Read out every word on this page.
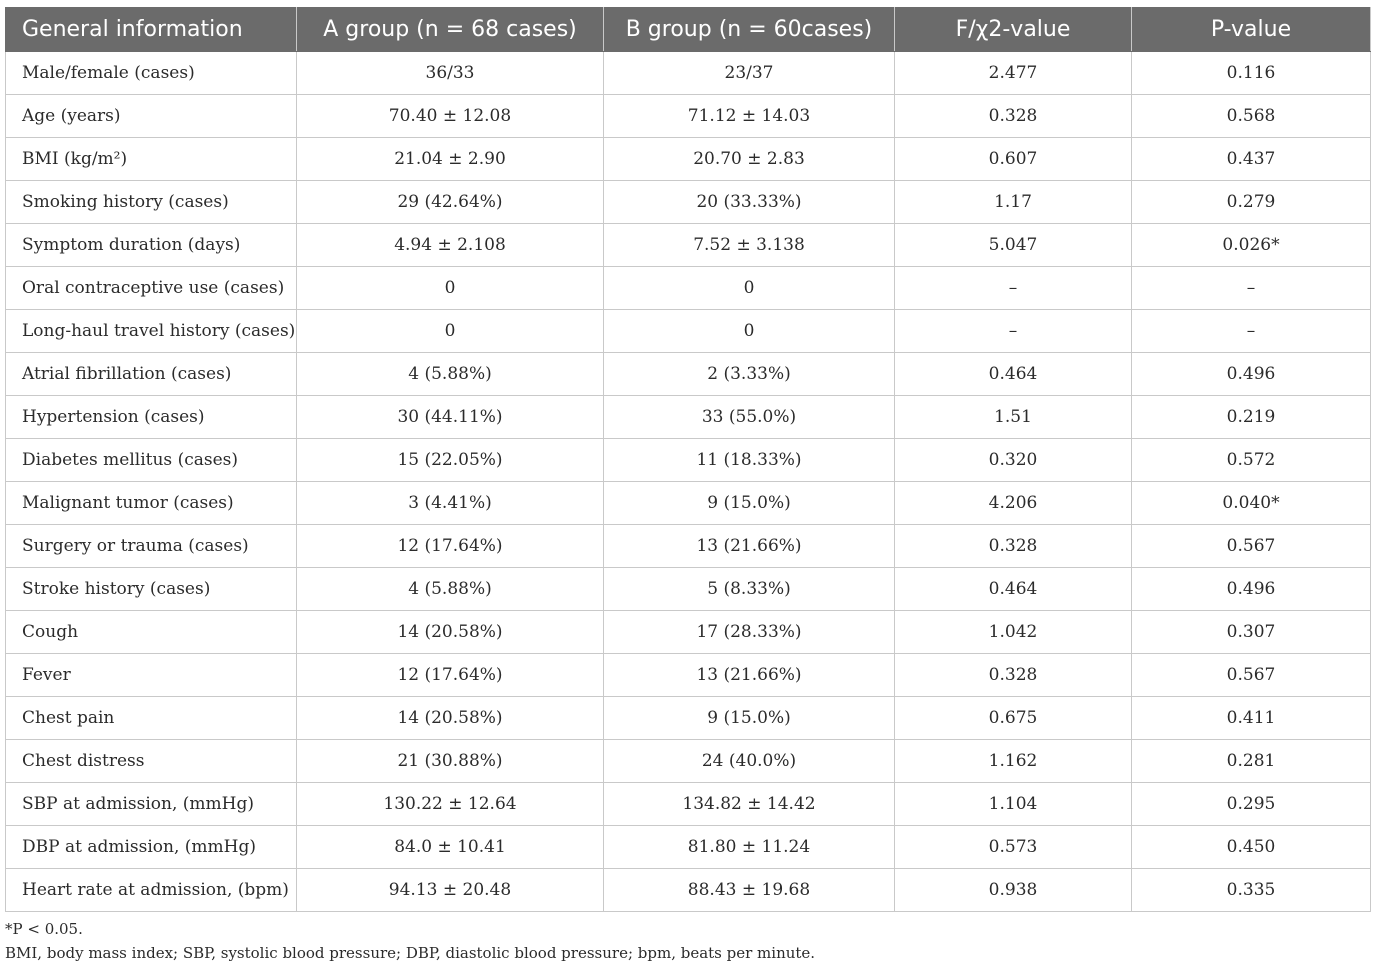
General information	A group (n = 68 cases)	B group (n = 60cases)	F/χ2-value	P-value
Male/female (cases)	36/33	23/37	2.477	0.116
Age (years)	70.40 ± 12.08	71.12 ± 14.03	0.328	0.568
BMI (kg/m²)	21.04 ± 2.90	20.70 ± 2.83	0.607	0.437
Smoking history (cases)	29 (42.64%)	20 (33.33%)	1.17	0.279
Symptom duration (days)	4.94 ± 2.108	7.52 ± 3.138	5.047	0.026*
Oral contraceptive use (cases)	0	0	–	–
Long-haul travel history (cases)	0	0	–	–
Atrial fibrillation (cases)	4 (5.88%)	2 (3.33%)	0.464	0.496
Hypertension (cases)	30 (44.11%)	33 (55.0%)	1.51	0.219
Diabetes mellitus (cases)	15 (22.05%)	11 (18.33%)	0.320	0.572
Malignant tumor (cases)	3 (4.41%)	9 (15.0%)	4.206	0.040*
Surgery or trauma (cases)	12 (17.64%)	13 (21.66%)	0.328	0.567
Stroke history (cases)	4 (5.88%)	5 (8.33%)	0.464	0.496
Cough	14 (20.58%)	17 (28.33%)	1.042	0.307
Fever	12 (17.64%)	13 (21.66%)	0.328	0.567
Chest pain	14 (20.58%)	9 (15.0%)	0.675	0.411
Chest distress	21 (30.88%)	24 (40.0%)	1.162	0.281
SBP at admission, (mmHg)	130.22 ± 12.64	134.82 ± 14.42	1.104	0.295
DBP at admission, (mmHg)	84.0 ± 10.41	81.80 ± 11.24	0.573	0.450
Heart rate at admission, (bpm)	94.13 ± 20.48	88.43 ± 19.68	0.938	0.335
*P < 0.05.
BMI, body mass index; SBP, systolic blood pressure; DBP, diastolic blood pressure; bpm, beats per minute.
